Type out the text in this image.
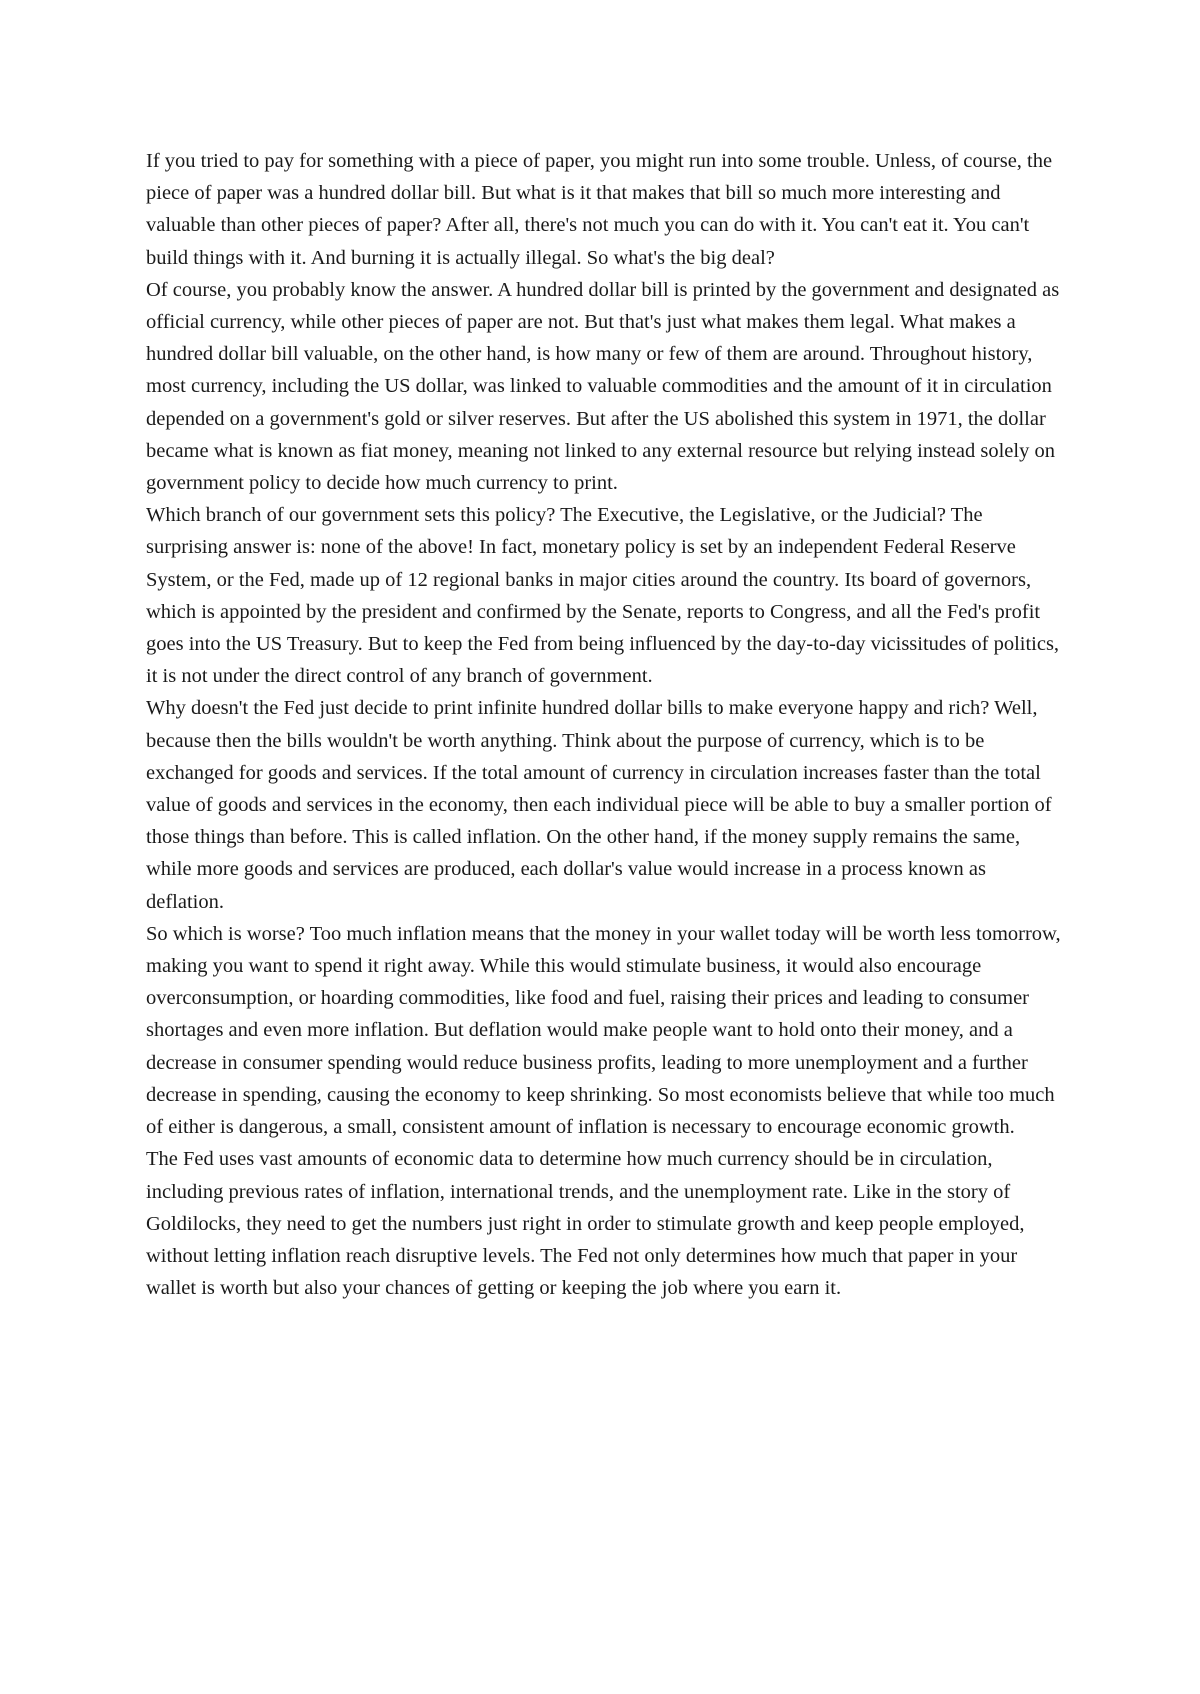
If you tried to pay for something with a piece of paper, you might run into some trouble. Unless, of course, the piece of paper was a hundred dollar bill. But what is it that makes that bill so much more interesting and valuable than other pieces of paper? After all, there's not much you can do with it. You can't eat it. You can't build things with it. And burning it is actually illegal. So what's the big deal?

Of course, you probably know the answer. A hundred dollar bill is printed by the government and designated as official currency, while other pieces of paper are not. But that's just what makes them legal. What makes a hundred dollar bill valuable, on the other hand, is how many or few of them are around. Throughout history, most currency, including the US dollar, was linked to valuable commodities and the amount of it in circulation depended on a government's gold or silver reserves. But after the US abolished this system in 1971, the dollar became what is known as fiat money, meaning not linked to any external resource but relying instead solely on government policy to decide how much currency to print.

Which branch of our government sets this policy? The Executive, the Legislative, or the Judicial? The surprising answer is: none of the above! In fact, monetary policy is set by an independent Federal Reserve System, or the Fed, made up of 12 regional banks in major cities around the country. Its board of governors, which is appointed by the president and confirmed by the Senate, reports to Congress, and all the Fed's profit goes into the US Treasury. But to keep the Fed from being influenced by the day-to-day vicissitudes of politics, it is not under the direct control of any branch of government.

Why doesn't the Fed just decide to print infinite hundred dollar bills to make everyone happy and rich? Well, because then the bills wouldn't be worth anything. Think about the purpose of currency, which is to be exchanged for goods and services. If the total amount of currency in circulation increases faster than the total value of goods and services in the economy, then each individual piece will be able to buy a smaller portion of those things than before. This is called inflation. On the other hand, if the money supply remains the same, while more goods and services are produced, each dollar's value would increase in a process known as deflation.

So which is worse? Too much inflation means that the money in your wallet today will be worth less tomorrow, making you want to spend it right away. While this would stimulate business, it would also encourage overconsumption, or hoarding commodities, like food and fuel, raising their prices and leading to consumer shortages and even more inflation. But deflation would make people want to hold onto their money, and a decrease in consumer spending would reduce business profits, leading to more unemployment and a further decrease in spending, causing the economy to keep shrinking. So most economists believe that while too much of either is dangerous, a small, consistent amount of inflation is necessary to encourage economic growth.

The Fed uses vast amounts of economic data to determine how much currency should be in circulation, including previous rates of inflation, international trends, and the unemployment rate. Like in the story of Goldilocks, they need to get the numbers just right in order to stimulate growth and keep people employed, without letting inflation reach disruptive levels. The Fed not only determines how much that paper in your wallet is worth but also your chances of getting or keeping the job where you earn it.
